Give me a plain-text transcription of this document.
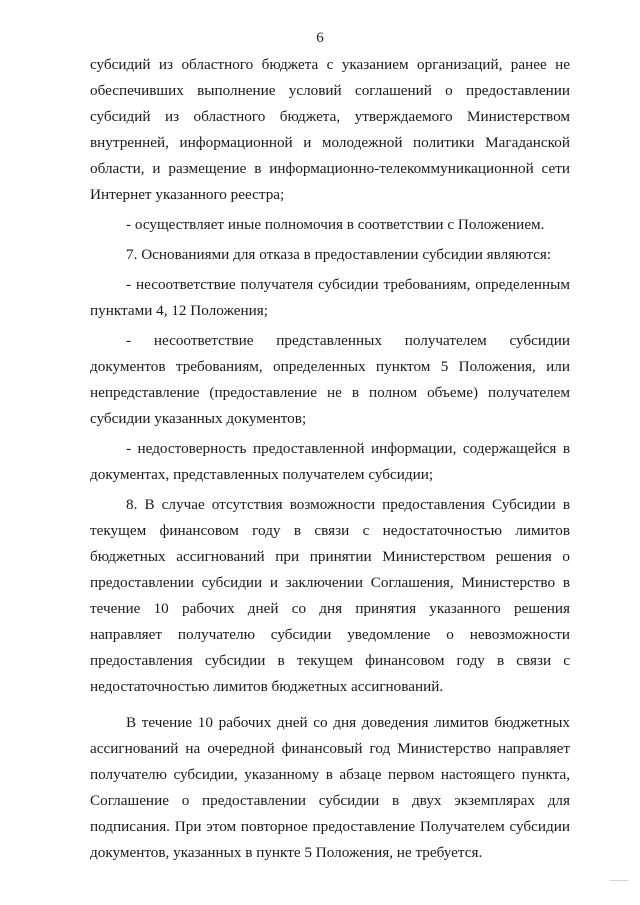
6

субсидий из областного бюджета с указанием организаций, ранее не обеспечивших выполнение условий соглашений о предоставлении субсидий из областного бюджета, утверждаемого Министерством внутренней, информационной и молодежной политики Магаданской области, и размещение в информационно-телекоммуникационной сети Интернет указанного реестра;

- осуществляет иные полномочия в соответствии с Положением.

7. Основаниями для отказа в предоставлении субсидии являются:

- несоответствие получателя субсидии требованиям, определенным пунктами 4, 12 Положения;

- несоответствие представленных получателем субсидии документов требованиям, определенных пунктом 5 Положения, или непредставление (предоставление не в полном объеме) получателем субсидии указанных документов;

- недостоверность предоставленной информации, содержащейся в документах, представленных получателем субсидии;

8. В случае отсутствия возможности предоставления Субсидии в текущем финансовом году в связи с недостаточностью лимитов бюджетных ассигнований при принятии Министерством решения о предоставлении субсидии и заключении Соглашения, Министерство в течение 10 рабочих дней со дня принятия указанного решения направляет получателю субсидии уведомление о невозможности предоставления субсидии в текущем финансовом году в связи с недостаточностью лимитов бюджетных ассигнований.

В течение 10 рабочих дней со дня доведения лимитов бюджетных ассигнований на очередной финансовый год Министерство направляет получателю субсидии, указанному в абзаце первом настоящего пункта, Соглашение о предоставлении субсидии в двух экземплярах для подписания. При этом повторное предоставление Получателем субсидии документов, указанных в пункте 5 Положения, не требуется.
